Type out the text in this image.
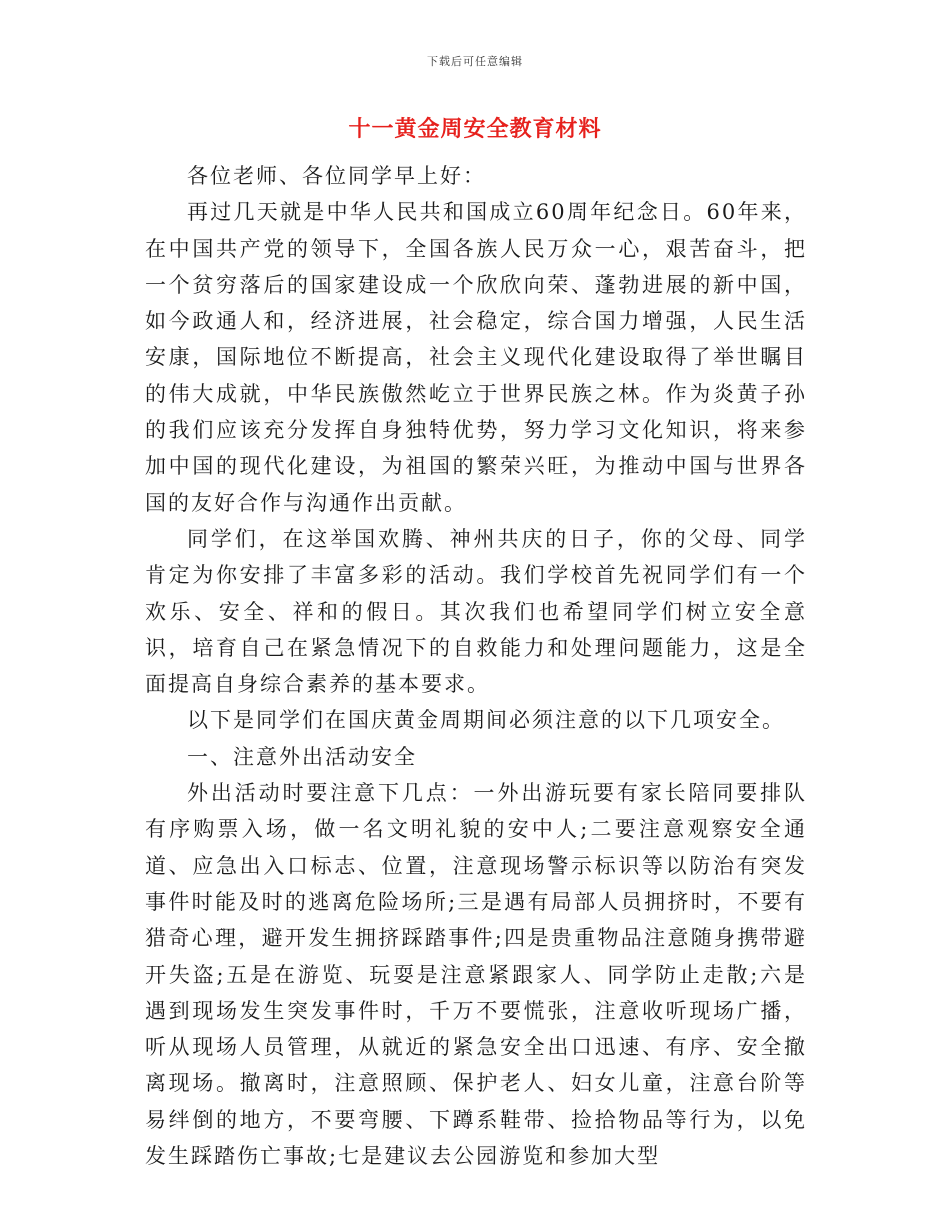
下载后可任意编辑
十一黄金周安全教育材料

各位老师、各位同学早上好：

再过几天就是中华人民共和国成立60周年纪念日。60年来，在中国共产党的领导下，全国各族人民万众一心，艰苦奋斗，把一个贫穷落后的国家建设成一个欣欣向荣、蓬勃进展的新中国，如今政通人和，经济进展，社会稳定，综合国力增强，人民生活安康，国际地位不断提高，社会主义现代化建设取得了举世瞩目的伟大成就，中华民族傲然屹立于世界民族之林。作为炎黄子孙的我们应该充分发挥自身独特优势，努力学习文化知识，将来参加中国的现代化建设，为祖国的繁荣兴旺，为推动中国与世界各国的友好合作与沟通作出贡献。

同学们，在这举国欢腾、神州共庆的日子，你的父母、同学肯定为你安排了丰富多彩的活动。我们学校首先祝同学们有一个欢乐、安全、祥和的假日。其次我们也希望同学们树立安全意识，培育自己在紧急情况下的自救能力和处理问题能力，这是全面提高自身综合素养的基本要求。

以下是同学们在国庆黄金周期间必须注意的以下几项安全。

一、注意外出活动安全

外出活动时要注意下几点：一外出游玩要有家长陪同要排队有序购票入场，做一名文明礼貌的安中人;二要注意观察安全通道、应急出入口标志、位置，注意现场警示标识等以防治有突发事件时能及时的逃离危险场所;三是遇有局部人员拥挤时，不要有猎奇心理，避开发生拥挤踩踏事件;四是贵重物品注意随身携带避开失盗;五是在游览、玩耍是注意紧跟家人、同学防止走散;六是遇到现场发生突发事件时，千万不要慌张，注意收听现场广播，听从现场人员管理，从就近的紧急安全出口迅速、有序、安全撤离现场。撤离时，注意照顾、保护老人、妇女儿童，注意台阶等易绊倒的地方，不要弯腰、下蹲系鞋带、捡拾物品等行为，以免发生踩踏伤亡事故;七是建议去公园游览和参加大型
